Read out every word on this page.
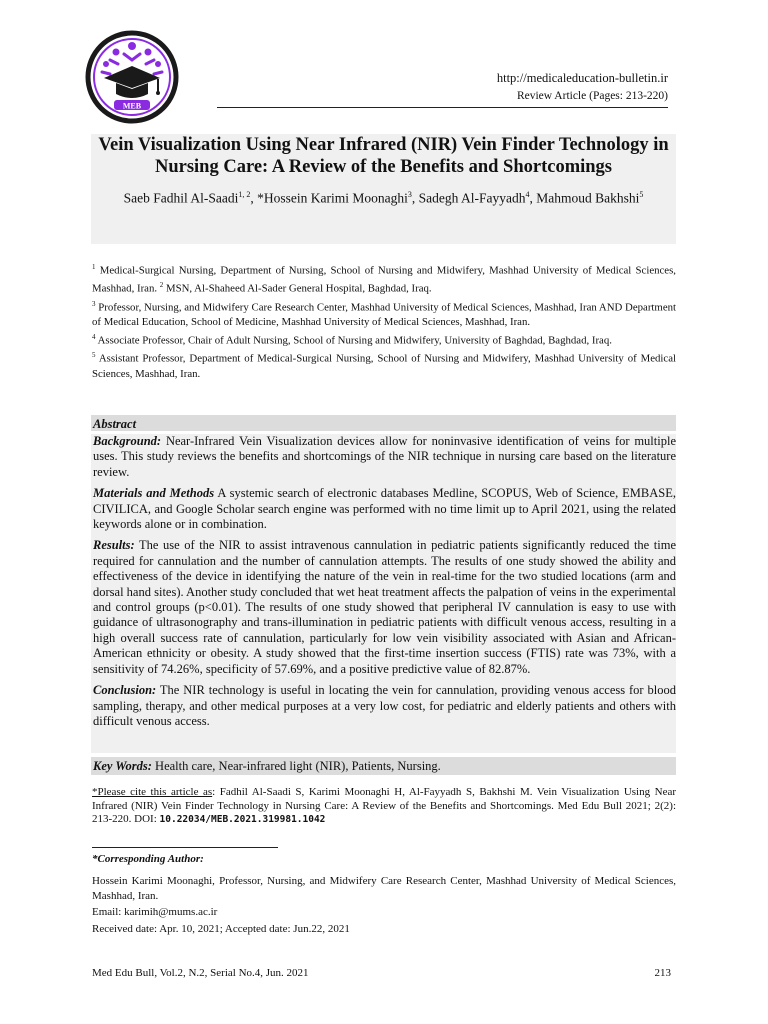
MEB
http://medicaleducation-bulletin.ir
Review Article (Pages: 213-220)
Vein Visualization Using Near Infrared (NIR) Vein Finder Technology in Nursing Care: A Review of the Benefits and Shortcomings
Saeb Fadhil Al-Saadi$^{1, 2}$, *Hossein Karimi Moonaghi$^3$, Sadegh Al-Fayyadh$^4$, Mahmoud Bakhshi$^5$

$^1$ Medical-Surgical Nursing, Department of Nursing, School of Nursing and Midwifery, Mashhad University of Medical Sciences, Mashhad, Iran. $^2$ MSN, Al-Shaheed Al-Sader General Hospital, Baghdad, Iraq.

$^3$ Professor, Nursing, and Midwifery Care Research Center, Mashhad University of Medical Sciences, Mashhad, Iran AND Department of Medical Education, School of Medicine, Mashhad University of Medical Sciences, Mashhad, Iran.

$^4$ Associate Professor, Chair of Adult Nursing, School of Nursing and Midwifery, University of Baghdad, Baghdad, Iraq.

$^5$ Assistant Professor, Department of Medical-Surgical Nursing, School of Nursing and Midwifery, Mashhad University of Medical Sciences, Mashhad, Iran.

Abstract

Background: Near-Infrared Vein Visualization devices allow for noninvasive identification of veins for multiple uses. This study reviews the benefits and shortcomings of the NIR technique in nursing care based on the literature review.

Materials and Methods A systemic search of electronic databases Medline, SCOPUS, Web of Science, EMBASE, CIVILICA, and Google Scholar search engine was performed with no time limit up to April 2021, using the related keywords alone or in combination.

Results: The use of the NIR to assist intravenous cannulation in pediatric patients significantly reduced the time required for cannulation and the number of cannulation attempts. The results of one study showed the ability and effectiveness of the device in identifying the nature of the vein in real-time for the two studied locations (arm and dorsal hand sites). Another study concluded that wet heat treatment affects the palpation of veins in the experimental and control groups (p<0.01). The results of one study showed that peripheral IV cannulation is easy to use with guidance of ultrasonography and trans-illumination in pediatric patients with difficult venous access, resulting in a high overall success rate of cannulation, particularly for low vein visibility associated with Asian and African-American ethnicity or obesity. A study showed that the first-time insertion success (FTIS) rate was 73%, with a sensitivity of 74.26%, specificity of 57.69%, and a positive predictive value of 82.87%.

Conclusion: The NIR technology is useful in locating the vein for cannulation, providing venous access for blood sampling, therapy, and other medical purposes at a very low cost, for pediatric and elderly patients and others with difficult venous access.

Key Words: Health care, Near-infrared light (NIR), Patients, Nursing.
*Please cite this article as: Fadhil Al-Saadi S, Karimi Moonaghi H, Al-Fayyadh S, Bakhshi M. Vein Visualization Using Near Infrared (NIR) Vein Finder Technology in Nursing Care: A Review of the Benefits and Shortcomings. Med Edu Bull 2021; 2(2): 213-220. DOI: 10.22034/MEB.2021.319981.1042
*Corresponding Author:

Hossein Karimi Moonaghi, Professor, Nursing, and Midwifery Care Research Center, Mashhad University of Medical Sciences, Mashhad, Iran.

Email: karimih@mums.ac.ir

Received date: Apr. 10, 2021; Accepted date: Jun.22, 2021

Med Edu Bull, Vol.2, N.2, Serial No.4, Jun. 2021	213
